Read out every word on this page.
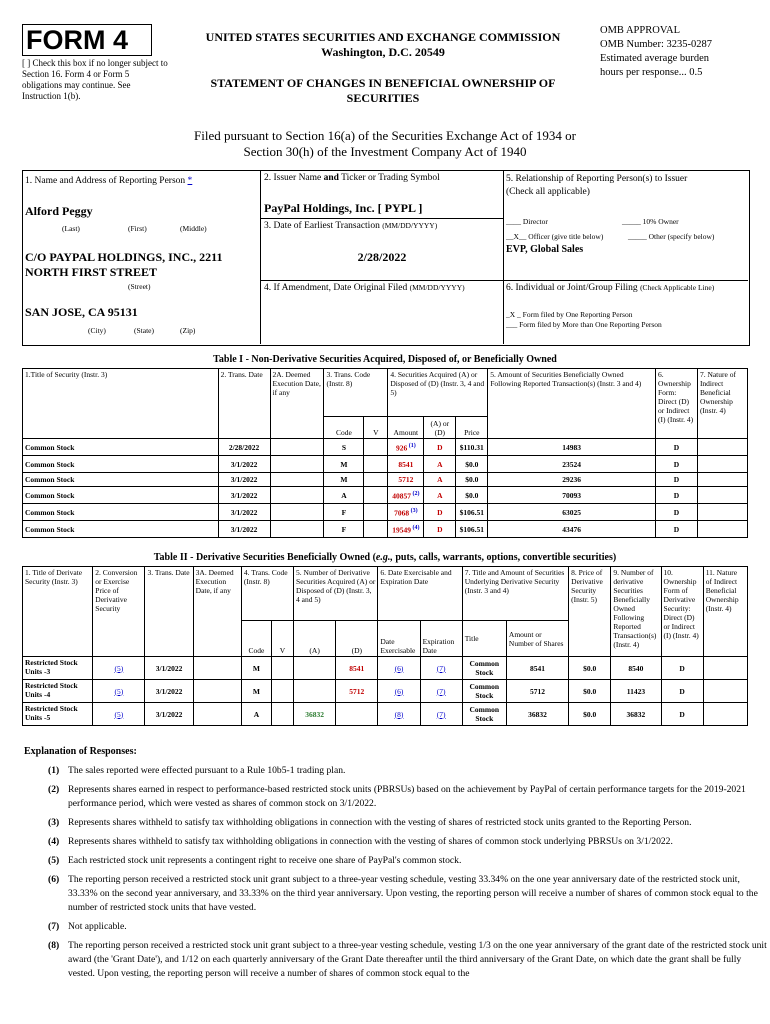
FORM 4
[ ] Check this box if no longer subject to Section 16. Form 4 or Form 5 obligations may continue. See Instruction 1(b).
UNITED STATES SECURITIES AND EXCHANGE COMMISSION
Washington, D.C. 20549
STATEMENT OF CHANGES IN BENEFICIAL OWNERSHIP OF SECURITIES
OMB APPROVAL
OMB Number: 3235-0287
Estimated average burden
hours per response... 0.5
Filed pursuant to Section 16(a) of the Securities Exchange Act of 1934 or
Section 30(h) of the Investment Company Act of 1940
1. Name and Address of Reporting Person *
Alford Peggy
(Last)	(First)	(Middle)
C/O PAYPAL HOLDINGS, INC., 2211
NORTH FIRST STREET
(Street)
SAN JOSE, CA 95131
(City)	(State)	(Zip)
2. Issuer Name and Ticker or Trading Symbol
PayPal Holdings, Inc. [ PYPL ]
3. Date of Earliest Transaction (MM/DD/YYYY)
2/28/2022
4. If Amendment, Date Original Filed (MM/DD/YYYY)
5. Relationship of Reporting Person(s) to Issuer
(Check all applicable)
____ Director	_____ 10% Owner
__X__ Officer (give title below)	_____ Other (specify below)
EVP, Global Sales
6. Individual or Joint/Group Filing (Check Applicable Line)
_X _ Form filed by One Reporting Person
___ Form filed by More than One Reporting Person
Table I - Non-Derivative Securities Acquired, Disposed of, or Beneficially Owned
1.Title of Security (Instr. 3)	2. Trans. Date	2A. Deemed Execution Date, if any	3. Trans. Code (Instr. 8)		4. Securities Acquired (A) or Disposed of (D) (Instr. 3, 4 and 5)			5. Amount of Securities Beneficially Owned Following Reported Transaction(s) (Instr. 3 and 4)	6. Ownership Form: Direct (D) or Indirect (I) (Instr. 4)	7. Nature of Indirect Beneficial Ownership (Instr. 4)
			Code	V	Amount	(A) or (D)	Price			
Common Stock	2/28/2022		S		926 $^{(1)}$	D	$110.31	14983	D	
Common Stock	3/1/2022		M		8541	A	$0.0	23524	D	
Common Stock	3/1/2022		M		5712	A	$0.0	29236	D	
Common Stock	3/1/2022		A		40857 $^{(2)}$	A	$0.0	70093	D	
Common Stock	3/1/2022		F		7068 $^{(3)}$	D	$106.51	63025	D	
Common Stock	3/1/2022		F		19549 $^{(4)}$	D	$106.51	43476	D	
Table II - Derivative Securities Beneficially Owned (e.g., puts, calls, warrants, options, convertible securities)
1. Title of Derivate Security (Instr. 3)	2. Conversion or Exercise Price of Derivative Security	3. Trans. Date	3A. Deemed Execution Date, if any	4. Trans. Code (Instr. 8)		5. Number of Derivative Securities Acquired (A) or Disposed of (D) (Instr. 3, 4 and 5)		6. Date Exercisable and Expiration Date		7. Title and Amount of Securities Underlying Derivative Security (Instr. 3 and 4)		8. Price of Derivative Security (Instr. 5)	9. Number of derivative Securities Beneficially Owned Following Reported Transaction(s) (Instr. 4)	10. Ownership Form of Derivative Security: Direct (D) or Indirect (I) (Instr. 4)	11. Nature of Indirect Beneficial Ownership (Instr. 4)
				Code	V	(A)	(D)	Date Exercisable	Expiration Date	Title	Amount or Number of Shares				
Restricted Stock Units -3	(5)	3/1/2022		M			8541	(6)	(7)	Common Stock	8541	$0.0	8540	D	
Restricted Stock Units -4	(5)	3/1/2022		M			5712	(6)	(7)	Common Stock	5712	$0.0	11423	D	
Restricted Stock Units -5	(5)	3/1/2022		A		36832		(8)	(7)	Common Stock	36832	$0.0	36832	D	
Explanation of Responses:
(1) The sales reported were effected pursuant to a Rule 10b5-1 trading plan.
(2) Represents shares earned in respect to performance-based restricted stock units (PBRSUs) based on the achievement by PayPal of certain performance targets for the 2019-2021 performance period, which were vested as shares of common stock on 3/1/2022.
(3) Represents shares withheld to satisfy tax withholding obligations in connection with the vesting of shares of restricted stock units granted to the Reporting Person.
(4) Represents shares withheld to satisfy tax withholding obligations in connection with the vesting of shares of common stock underlying PBRSUs on 3/1/2022.
(5) Each restricted stock unit represents a contingent right to receive one share of PayPal's common stock.
(6) The reporting person received a restricted stock unit grant subject to a three-year vesting schedule, vesting 33.34% on the one year anniversary date of the restricted stock unit, 33.33% on the second year anniversary, and 33.33% on the third year anniversary. Upon vesting, the reporting person will receive a number of shares of common stock equal to the number of restricted stock units that have vested.
(7) Not applicable.
(8) The reporting person received a restricted stock unit grant subject to a three-year vesting schedule, vesting 1/3 on the one year anniversary of the grant date of the restricted stock unit award (the 'Grant Date'), and 1/12 on each quarterly anniversary of the Grant Date thereafter until the third anniversary of the Grant Date, on which date the grant shall be fully vested. Upon vesting, the reporting person will receive a number of shares of common stock equal to the
